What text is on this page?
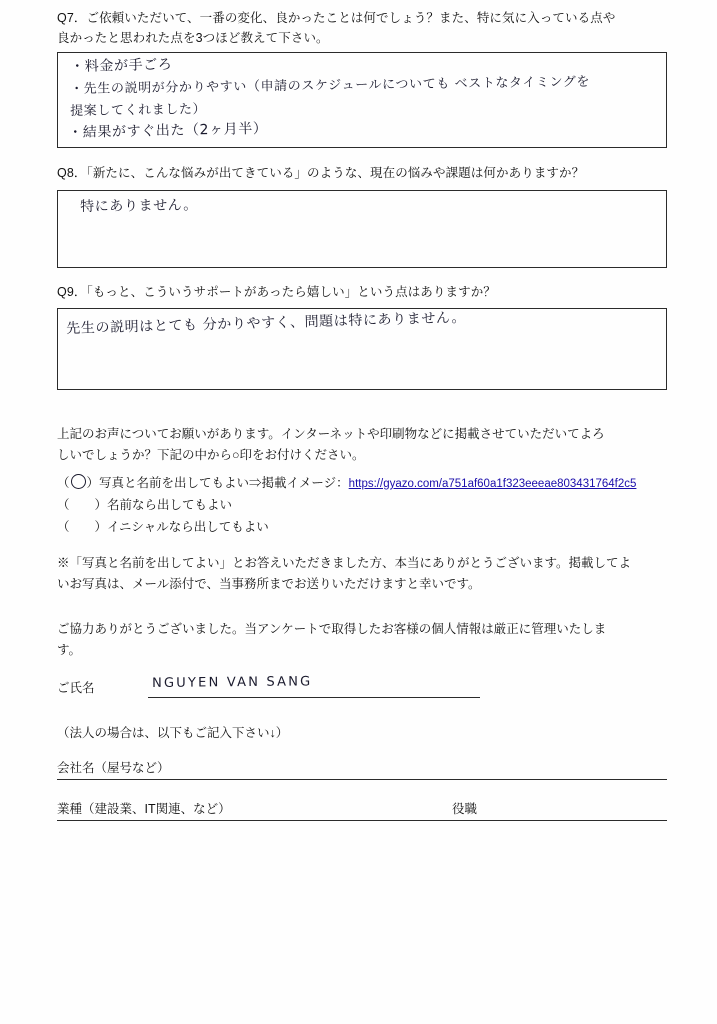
Q7．ご依頼いただいて、一番の変化、良かったことは何でしょう？また、特に気に入っている点や
良かったと思われた点を3つほど教えて下さい。
・料金が手ごろ
・先生の説明が分かりやすい（申請のスケジュールについても ベストなタイミングを
提案してくれました）
・結果がすぐ出た（2ヶ月半）
Q8．「新たに、こんな悩みが出てきている」のような、現在の悩みや課題は何かありますか？
特にありません。
Q9．「もっと、こういうサポートがあったら嬉しい」という点はありますか？
先生の説明はとても 分かりやすく、問題は特にありません。
上記のお声についてお願いがあります。インターネットや印刷物などに掲載させていただいてよろ
しいでしょうか？下記の中から○印をお付けください。
（○）写真と名前を出してもよい⇒掲載イメージ：https://gyazo.com/a751af60a1f323eeeae803431764f2c5
（　　）名前なら出してもよい
（　　）イニシャルなら出してもよい
※「写真と名前を出してよい」とお答えいただきました方、本当にありがとうございます。掲載してよ
いお写真は、メール添付で、当事務所までお送りいただけますと幸いです。
ご協力ありがとうございました。当アンケートで取得したお客様の個人情報は厳正に管理いたしま
す。
ご氏名	NGUYEN VAN SANG
（法人の場合は、以下もご記入下さい↓）
会社名（屋号など）
業種（建設業、IT関連、など）	役職
